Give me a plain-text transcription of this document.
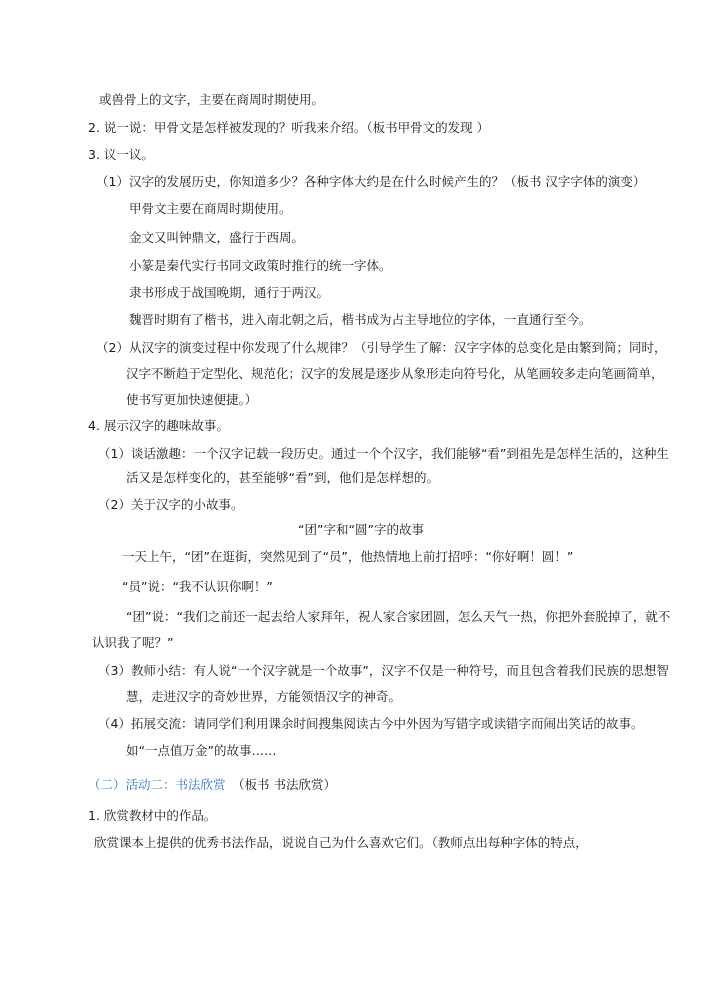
或兽骨上的文字，主要在商周时期使用。
2. 说一说：甲骨文是怎样被发现的？听我来介绍。（板书甲骨文的发现 ）
3. 议一议。
（1）汉字的发展历史，你知道多少？各种字体大约是在什么时候产生的？（板书 汉字字体的演变）
甲骨文主要在商周时期使用。
金文又叫钟鼎文，盛行于西周。
小篆是秦代实行书同文政策时推行的统一字体。
隶书形成于战国晚期，通行于两汉。
魏晋时期有了楷书，进入南北朝之后，楷书成为占主导地位的字体，一直通行至今。
（2）从汉字的演变过程中你发现了什么规律？（引导学生了解：汉字字体的总变化是由繁到简；同时，
汉字不断趋于定型化、规范化；汉字的发展是逐步从象形走向符号化，从笔画较多走向笔画简单，
使书写更加快速便捷。）
4. 展示汉字的趣味故事。
（1）谈话激趣：一个汉字记载一段历史。通过一个个汉字，我们能够“看”到祖先是怎样生活的，这种生
活又是怎样变化的，甚至能够“看”到，他们是怎样想的。
（2）关于汉字的小故事。
“团”字和“圆”字的故事
一天上午，“团”在逛街，突然见到了“员”，他热情地上前打招呼：“你好啊！圆！”
“员”说：“我不认识你啊！”
“团”说：“我们之前还一起去给人家拜年，祝人家合家团圆，怎么天气一热，你把外套脱掉了，就不
认识我了呢？”
（3）教师小结：有人说“一个汉字就是一个故事”，汉字不仅是一种符号，而且包含着我们民族的思想智
慧，走进汉字的奇妙世界，方能领悟汉字的神奇。
（4）拓展交流：请同学们利用课余时间搜集阅读古今中外因为写错字或读错字而闹出笑话的故事。
如“一点值万金”的故事……
（二）活动二：书法欣赏 （板书 书法欣赏）
1. 欣赏教材中的作品。
欣赏课本上提供的优秀书法作品，说说自己为什么喜欢它们。（教师点出每种字体的特点，
